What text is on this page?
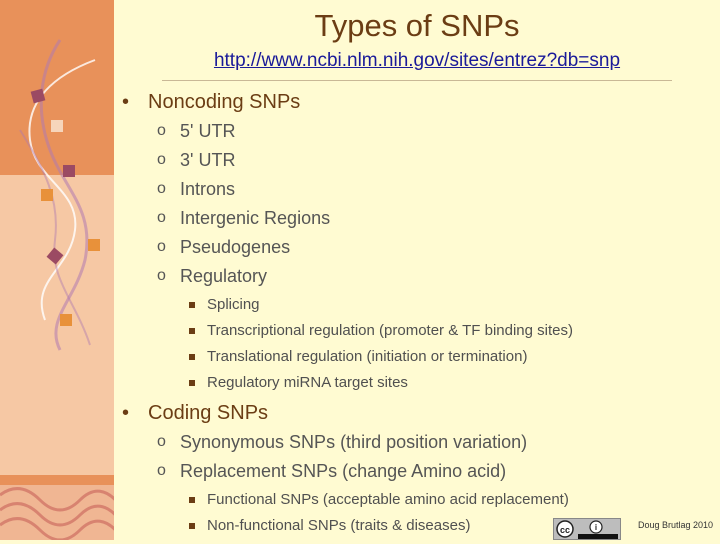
Types of SNPs
http://www.ncbi.nlm.nih.gov/sites/entrez?db=snp
• Noncoding SNPs
o 5' UTR
o 3' UTR
o Introns
o Intergenic Regions
o Pseudogenes
o Regulatory
Splicing
Transcriptional regulation (promoter & TF binding sites)
Translational regulation (initiation or termination)
Regulatory miRNA target sites
• Coding SNPs
o Synonymous SNPs (third position variation)
o Replacement SNPs (change Amino acid)
Functional SNPs (acceptable amino acid replacement)
Non-functional SNPs (traits & diseases)	cc	i	Doug Brutlag 2010
